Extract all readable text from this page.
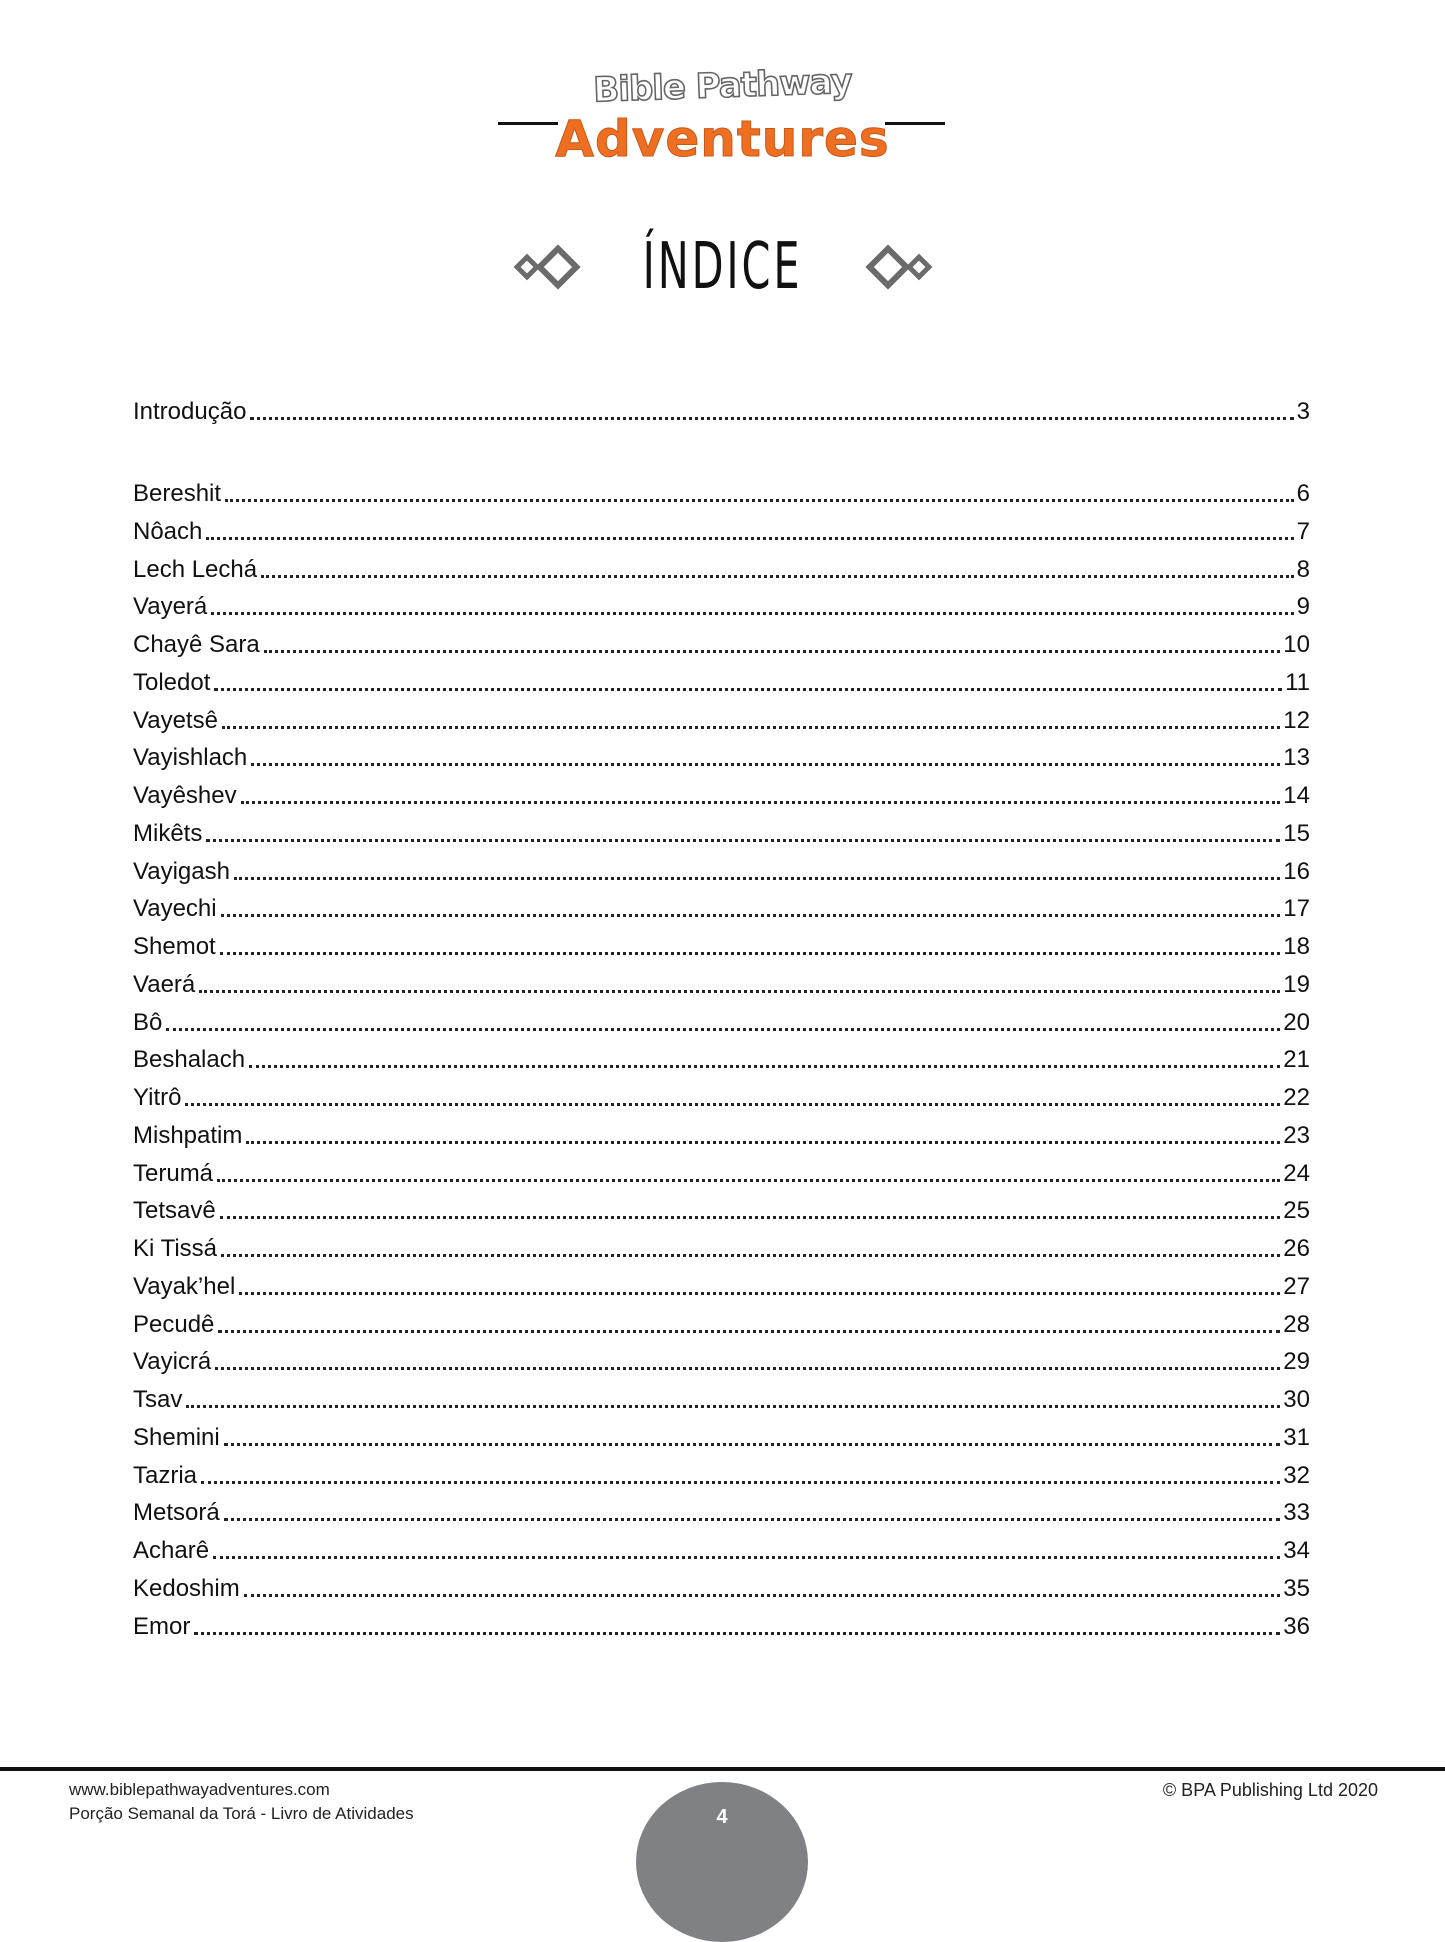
Bible Pathway
Adventures
ÍNDICE
Introdução	3
Bereshit	6
Nôach	7
Lech Lechá	8
Vayerá	9
Chayê Sara	10
Toledot	11
Vayetsê	12
Vayishlach	13
Vayêshev	14
Mikêts	15
Vayigash	16
Vayechi	17
Shemot	18
Vaerá	19
Bô	20
Beshalach	21
Yitrô	22
Mishpatim	23
Terumá	24
Tetsavê	25
Ki Tissá	26
Vayak’hel	27
Pecudê	28
Vayicrá	29
Tsav	30
Shemini	31
Tazria	32
Metsorá	33
Acharê	34
Kedoshim	35
Emor	36
www.biblepathwayadventures.com
Porção Semanal da Torá - Livro de Atividades	4
© BPA Publishing Ltd 2020
